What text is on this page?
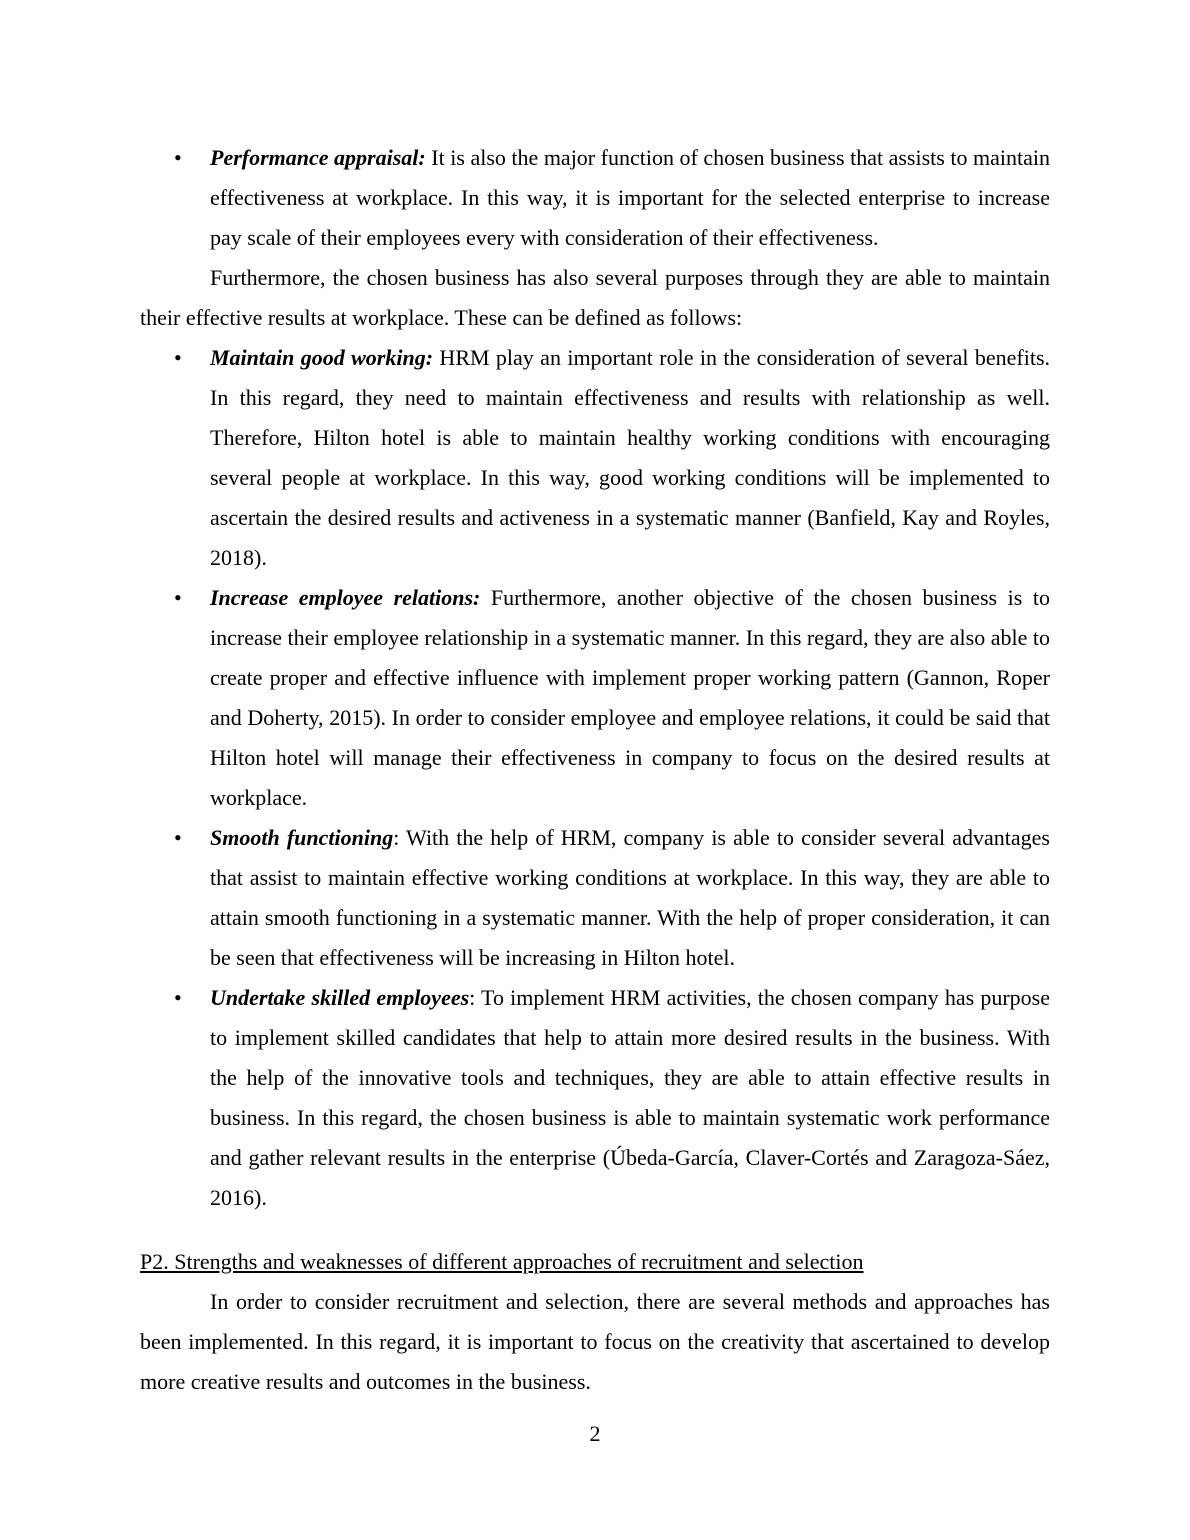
• Performance appraisal: It is also the major function of chosen business that assists to maintain effectiveness at workplace. In this way, it is important for the selected enterprise to increase pay scale of their employees every with consideration of their effectiveness.

Furthermore, the chosen business has also several purposes through they are able to maintain their effective results at workplace. These can be defined as follows:

• Maintain good working: HRM play an important role in the consideration of several benefits. In this regard, they need to maintain effectiveness and results with relationship as well. Therefore, Hilton hotel is able to maintain healthy working conditions with encouraging several people at workplace. In this way, good working conditions will be implemented to ascertain the desired results and activeness in a systematic manner (Banfield, Kay and Royles, 2018).
• Increase employee relations: Furthermore, another objective of the chosen business is to increase their employee relationship in a systematic manner. In this regard, they are also able to create proper and effective influence with implement proper working pattern (Gannon, Roper and Doherty, 2015). In order to consider employee and employee relations, it could be said that Hilton hotel will manage their effectiveness in company to focus on the desired results at workplace.
• Smooth functioning: With the help of HRM, company is able to consider several advantages that assist to maintain effective working conditions at workplace. In this way, they are able to attain smooth functioning in a systematic manner. With the help of proper consideration, it can be seen that effectiveness will be increasing in Hilton hotel.
• Undertake skilled employees: To implement HRM activities, the chosen company has purpose to implement skilled candidates that help to attain more desired results in the business. With the help of the innovative tools and techniques, they are able to attain effective results in business. In this regard, the chosen business is able to maintain systematic work performance and gather relevant results in the enterprise (Úbeda-García, Claver-Cortés and Zaragoza-Sáez, 2016).
P2. Strengths and weaknesses of different approaches of recruitment and selection

In order to consider recruitment and selection, there are several methods and approaches has been implemented. In this regard, it is important to focus on the creativity that ascertained to develop more creative results and outcomes in the business.

2
